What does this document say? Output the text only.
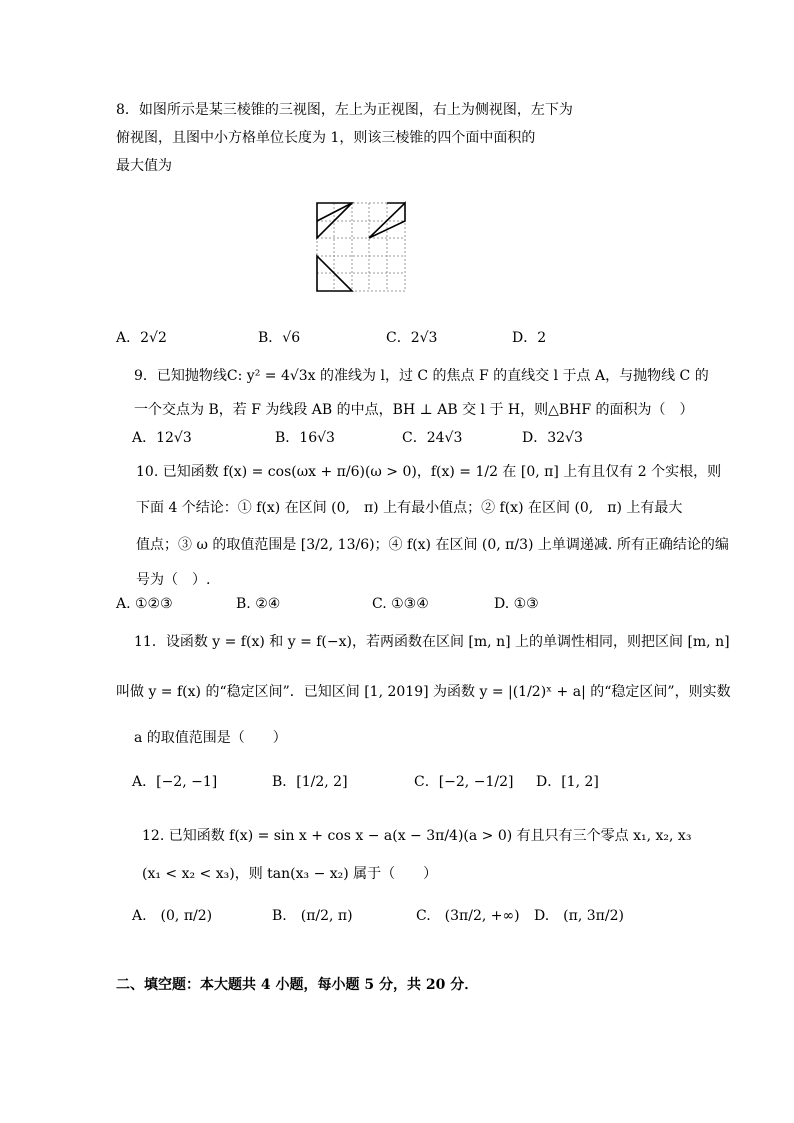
8．如图所示是某三棱锥的三视图，左上为正视图，右上为侧视图，左下为
俯视图，且图中小方格单位长度为 1，则该三棱锥的四个面中面积的
最大值为
A．2√2	B．√6	C．2√3	D．2
9．已知抛物线C: y² = 4√3x 的准线为 l，过 C 的焦点 F 的直线交 l 于点 A，与抛物线 C 的
一个交点为 B，若 F 为线段 AB 的中点，BH ⊥ AB 交 l 于 H，则△BHF 的面积为（　）
A．12√3	B．16√3	C．24√3	D．32√3
10. 已知函数 f(x) = cos(ωx + π/6)(ω > 0)，f(x) = 1/2 在 [0, π] 上有且仅有 2 个实根，则
下面 4 个结论：① f(x) 在区间 (0,　π) 上有最小值点；② f(x) 在区间 (0,　π) 上有最大
值点；③ ω 的取值范围是 [3/2, 13/6)；④ f(x) 在区间 (0, π/3) 上单调递减. 所有正确结论的编
号为（　）.
A. ①②③	B. ②④	C. ①③④	D. ①③
11．设函数 y = f(x) 和 y = f(−x)，若两函数在区间 [m, n] 上的单调性相同，则把区间 [m, n]
叫做 y = f(x) 的“稳定区间”．已知区间 [1, 2019] 为函数 y = |(1/2)ˣ + a| 的“稳定区间”，则实数
a 的取值范围是（　　）
A．[−2, −1]	B．[1/2, 2]	C．[−2, −1/2] D．[1, 2]
12. 已知函数 f(x) = sin x + cos x − a(x − 3π/4)(a > 0) 有且只有三个零点 x₁, x₂, x₃
(x₁ < x₂ < x₃)，则 tan(x₃ − x₂) 属于（　　）
A.　(0, π/2)	B.　(π/2, π)	C.　(3π/2, +∞) D.　(π, 3π/2)
二、填空题：本大题共 4 小题，每小题 5 分，共 20 分．
